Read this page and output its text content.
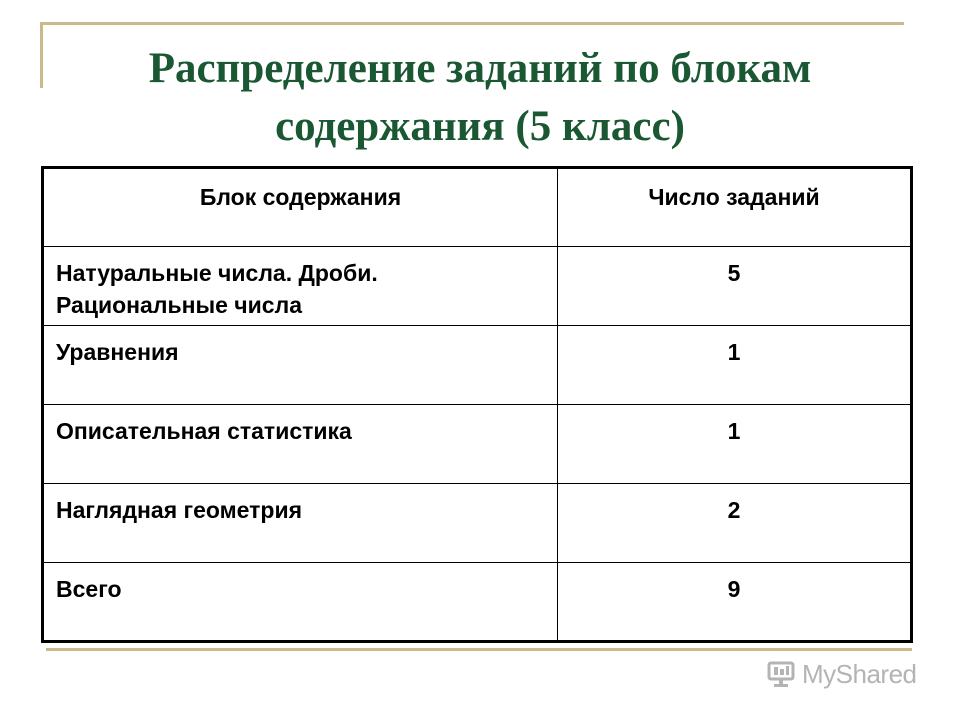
Распределение заданий по блокам
содержания (5 класс)
Блок содержания	Число заданий
Натуральные числа. Дроби.
Рациональные числа	5
Уравнения	1
Описательная статистика	1
Наглядная геометрия	2
Всего	9
MyShared
